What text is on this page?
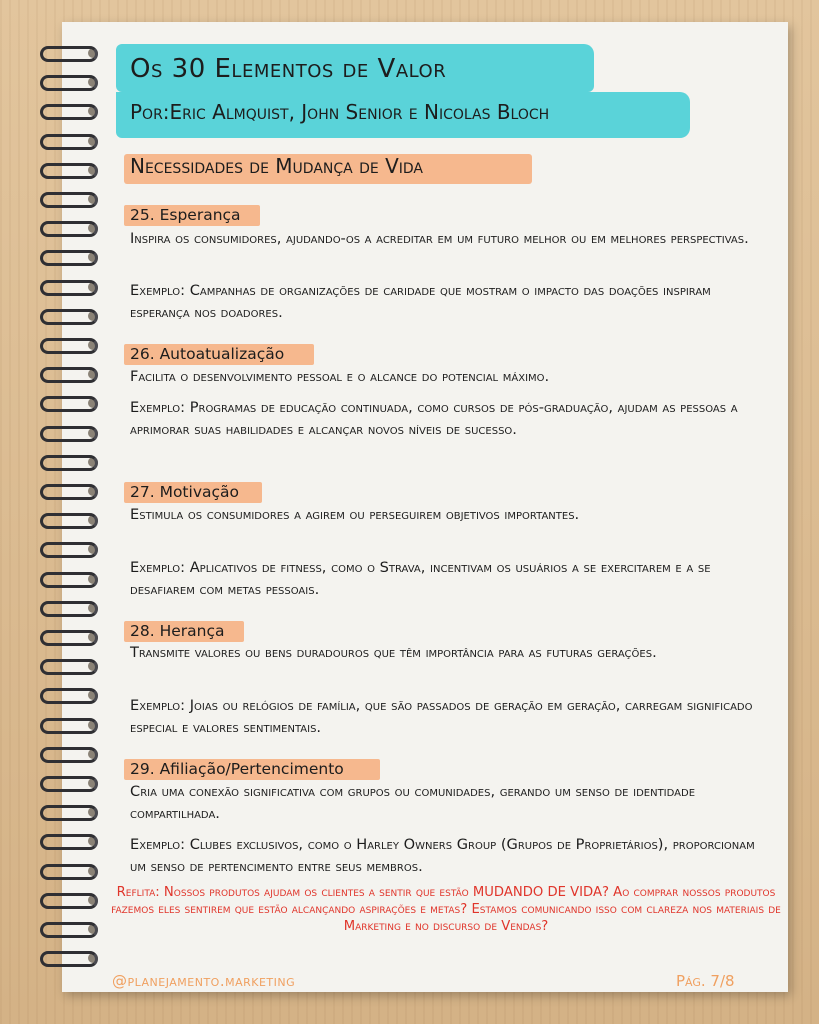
Os 30 Elementos de Valor
Por:Eric Almquist, John Senior e Nicolas Bloch
Necessidades de Mudança de Vida
25. Esperança
Inspira os consumidores, ajudando-os a acreditar em um futuro melhor ou em melhores perspectivas.
Exemplo: Campanhas de organizações de caridade que mostram o impacto das doações inspiram esperança nos doadores.
26. Autoatualização
Facilita o desenvolvimento pessoal e o alcance do potencial máximo.
Exemplo: Programas de educação continuada, como cursos de pós-graduação, ajudam as pessoas a aprimorar suas habilidades e alcançar novos níveis de sucesso.
27. Motivação
Estimula os consumidores a agirem ou perseguirem objetivos importantes.
Exemplo: Aplicativos de fitness, como o Strava, incentivam os usuários a se exercitarem e a se desafiarem com metas pessoais.
28. Herança
Transmite valores ou bens duradouros que têm importância para as futuras gerações.
Exemplo: Joias ou relógios de família, que são passados de geração em geração, carregam significado especial e valores sentimentais.
29. Afiliação/Pertencimento
Cria uma conexão significativa com grupos ou comunidades, gerando um senso de identidade compartilhada.
Exemplo: Clubes exclusivos, como o Harley Owners Group (Grupos de Proprietários), proporcionam um senso de pertencimento entre seus membros.
Reflita: Nossos produtos ajudam os clientes a sentir que estão MUDANDO DE VIDA? Ao comprar nossos produtos fazemos eles sentirem que estão alcançando aspirações e metas? Estamos comunicando isso com clareza nos materiais de Marketing e no discurso de Vendas?
@planejamento.marketing	Pág. 7/8
